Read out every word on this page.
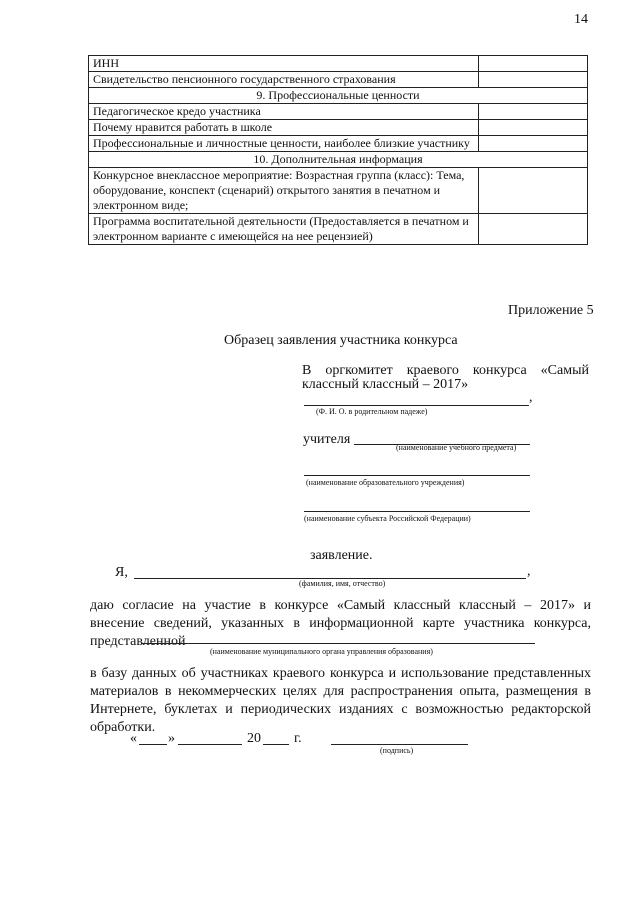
14
ИНН	
Свидетельство пенсионного государственного страхования	
9. Профессиональные ценности	
Педагогическое кредо участника	
Почему нравится работать в школе	
Профессиональные и личностные ценности, наиболее близкие участнику	
10. Дополнительная информация	
Конкурсное внеклассное мероприятие: Возрастная группа (класс): Тема, оборудование, конспект (сценарий) открытого занятия в печатном и электронном виде;	
Программа воспитательной деятельности (Предоставляется в печатном и электронном варианте с имеющейся на нее рецензией)	
Приложение 5
Образец заявления участника конкурса
В оргкомитет краевого конкурса «Самый
классный классный – 2017»
,
(Ф. И. О. в родительном падеже)
учителя
(наименование учебного предмета)
(наименование образовательного учреждения)
(наименование субъекта Российской Федерации)
заявление.
Я,	,
(фамилия, имя, отчество)
даю согласие на участие в конкурсе «Самый классный классный – 2017» и внесение сведений, указанных в информационной карте участника конкурса, представленной
(наименование муниципального органа управления образования)
в базу данных об участниках краевого конкурса и использование представленных материалов в некоммерческих целях для распространения опыта, размещения в Интернете, буклетах и периодических изданиях с возможностью редакторской обработки.
« »	20 г.
(подпись)
